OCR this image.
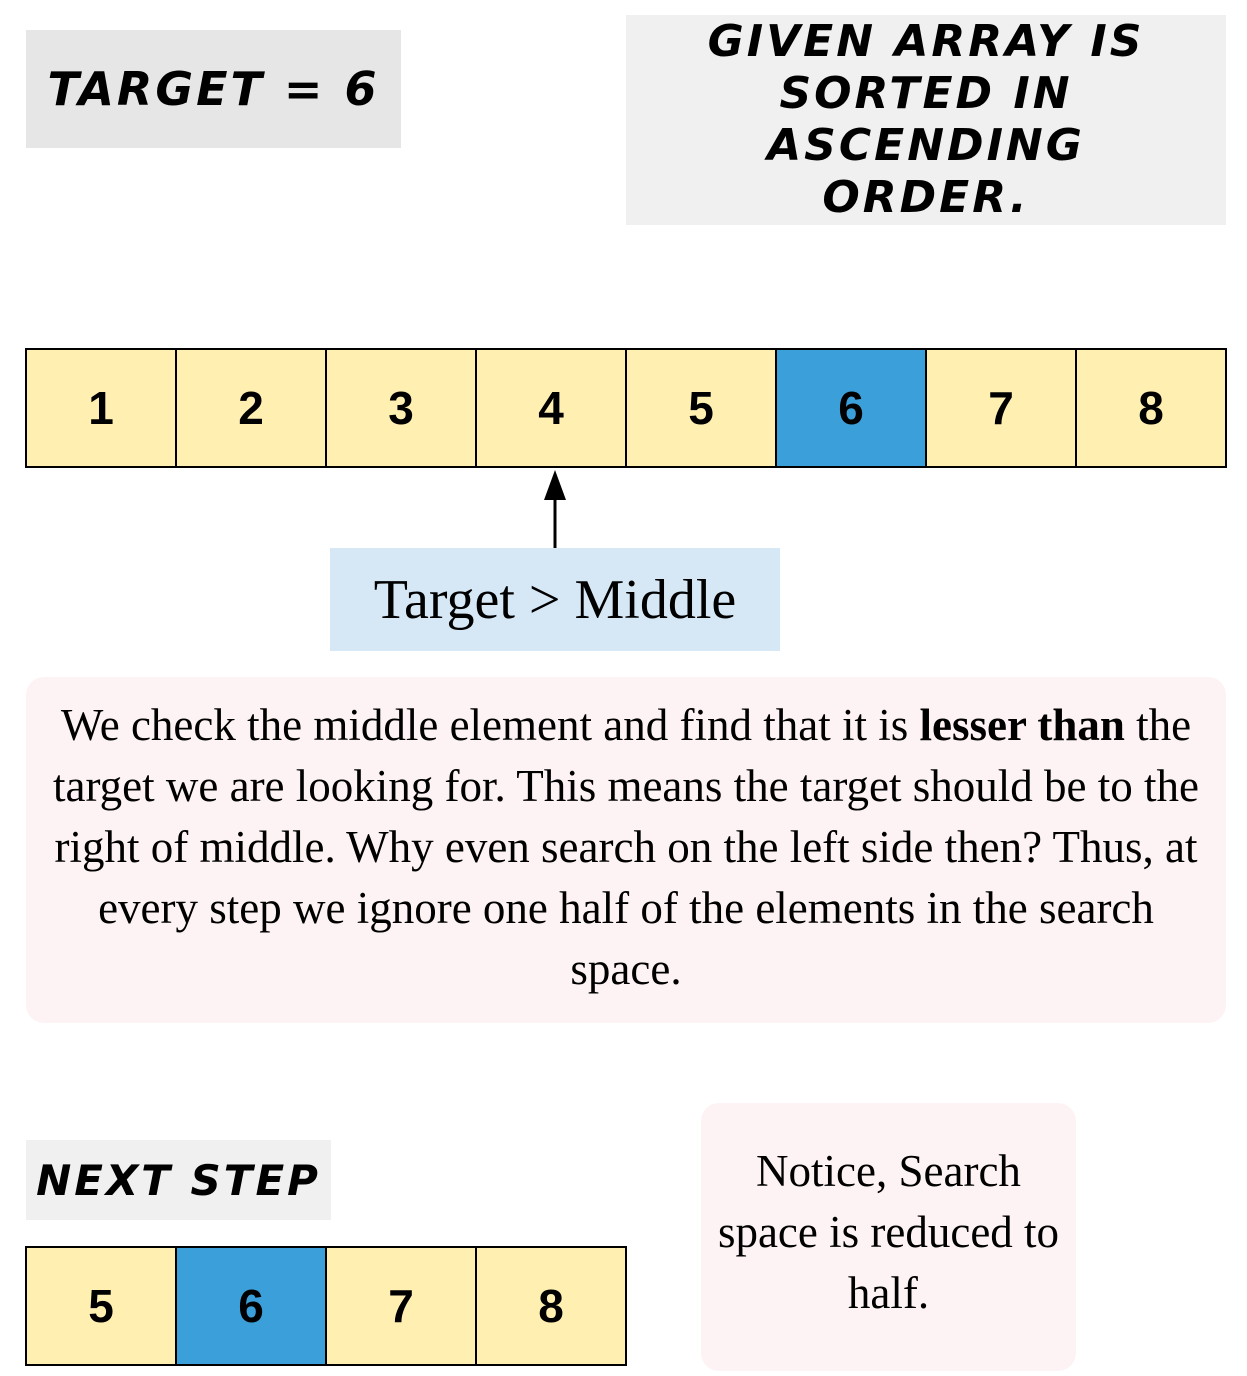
TARGET = 6
GIVEN ARRAY IS SORTED IN ASCENDING ORDER.
1	2	3	4	5	6	7	8
Target > Middle
We check the middle element and find that it is lesser than the target we are looking for. This means the target should be to the right of middle. Why even search on the left side then? Thus, at every step we ignore one half of the elements in the search space.
NEXT STEP
5	6	7	8
Notice, Search space is reduced to half.
